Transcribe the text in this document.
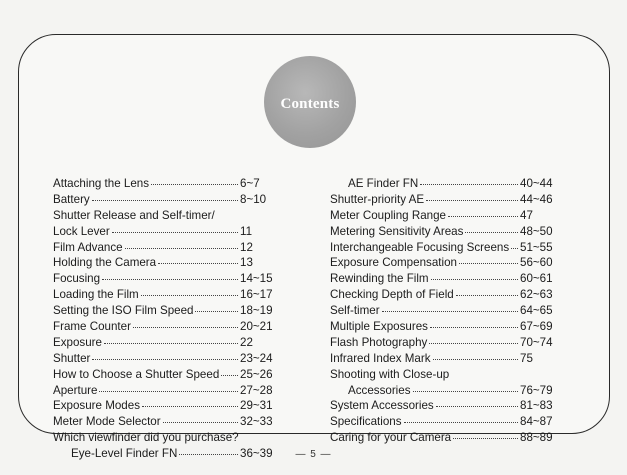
Contents
Attaching the Lens	6~7
Battery	8~10
Shutter Release and Self-timer/
Lock Lever	11
Film Advance	12
Holding the Camera	13
Focusing	14~15
Loading the Film	16~17
Setting the ISO Film Speed	18~19
Frame Counter	20~21
Exposure	22
Shutter	23~24
How to Choose a Shutter Speed 25~26
Aperture	27~28
Exposure Modes	29~31
Meter Mode Selector	32~33
Which viewfinder did you purchase?
Eye-Level Finder FN	36~39
AE Finder FN	40~44
Shutter-priority AE	44~46
Meter Coupling Range	47
Metering Sensitivity Areas	48~50
Interchangeable Focusing Screens 51~55
Exposure Compensation	56~60
Rewinding the Film	60~61
Checking Depth of Field	62~63
Self-timer	64~65
Multiple Exposures	67~69
Flash Photography	70~74
Infrared Index Mark	75
Shooting with Close-up
Accessories	76~79
System Accessories	81~83
Specifications	84~87
Caring for your Camera	88~89
— 5 —
